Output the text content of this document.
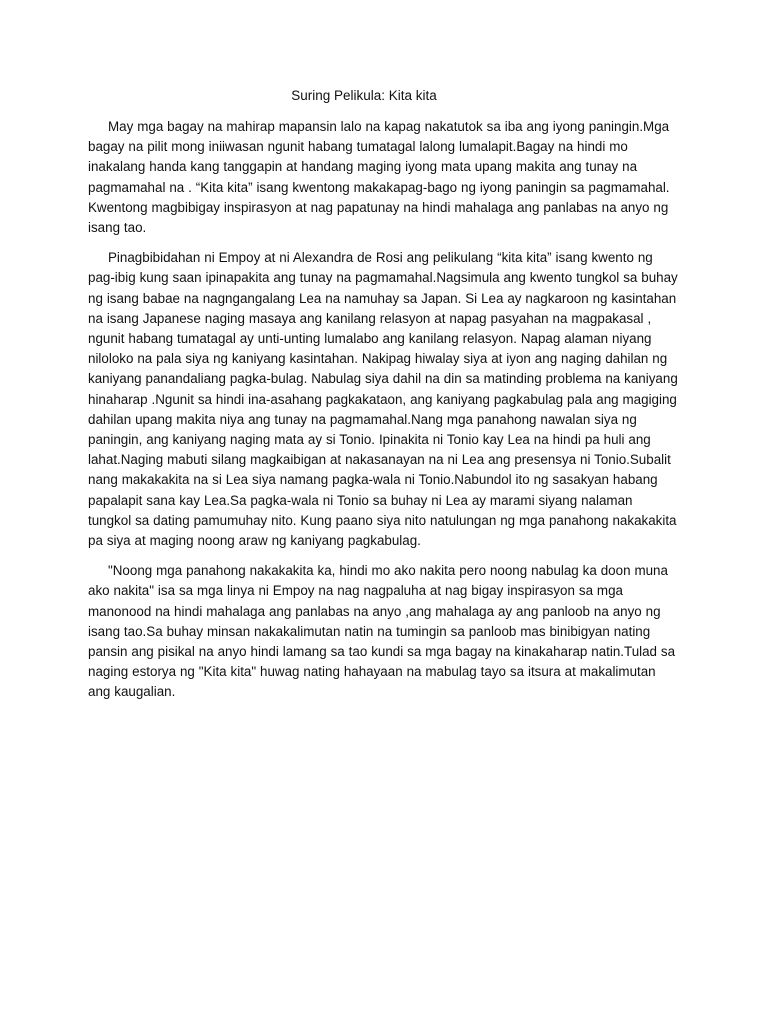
Suring Pelikula: Kita kita

May mga bagay na mahirap mapansin lalo na kapag nakatutok sa iba ang iyong paningin.Mga bagay na pilit mong iniiwasan ngunit habang tumatagal lalong lumalapit.Bagay na hindi mo inakalang handa kang tanggapin at handang maging iyong mata upang makita ang tunay na pagmamahal na . “Kita kita” isang kwentong makakapag-bago ng iyong paningin sa pagmamahal. Kwentong magbibigay inspirasyon at nag papatunay na hindi mahalaga ang panlabas na anyo ng isang tao.

Pinagbibidahan ni Empoy at ni Alexandra de Rosi ang pelikulang “kita kita” isang kwento ng pag-ibig kung saan ipinapakita ang tunay na pagmamahal.Nagsimula ang kwento tungkol sa buhay ng isang babae na nagngangalang Lea na namuhay sa Japan. Si Lea ay nagkaroon ng kasintahan na isang Japanese naging masaya ang kanilang relasyon at napag pasyahan na magpakasal , ngunit habang tumatagal ay unti-unting lumalabo ang kanilang relasyon. Napag alaman niyang niloloko na pala siya ng kaniyang kasintahan. Nakipag hiwalay siya at iyon ang naging dahilan ng kaniyang panandaliang pagka-bulag. Nabulag siya dahil na din sa matinding problema na kaniyang hinaharap .Ngunit sa hindi ina-asahang pagkakataon, ang kaniyang pagkabulag pala ang magiging dahilan upang makita niya ang tunay na pagmamahal.Nang mga panahong nawalan siya ng paningin, ang kaniyang naging mata ay si Tonio. Ipinakita ni Tonio kay Lea na hindi pa huli ang lahat.Naging mabuti silang magkaibigan at nakasanayan na ni Lea ang presensya ni Tonio.Subalit nang makakakita na si Lea siya namang pagka-wala ni Tonio.Nabundol ito ng sasakyan habang papalapit sana kay Lea.Sa pagka-wala ni Tonio sa buhay ni Lea ay marami siyang nalaman tungkol sa dating pamumuhay nito. Kung paano siya nito natulungan ng mga panahong nakakakita pa siya at maging noong araw ng kaniyang pagkabulag.

"Noong mga panahong nakakakita ka, hindi mo ako nakita pero noong nabulag ka doon muna ako nakita" isa sa mga linya ni Empoy na nag nagpaluha at nag bigay inspirasyon sa mga manonood na hindi mahalaga ang panlabas na anyo ,ang mahalaga ay ang panloob na anyo ng isang tao.Sa buhay minsan nakakalimutan natin na tumingin sa panloob mas binibigyan nating pansin ang pisikal na anyo hindi lamang sa tao kundi sa mga bagay na kinakaharap natin.Tulad sa naging estorya ng "Kita kita" huwag nating hahayaan na mabulag tayo sa itsura at makalimutan ang kaugalian.
